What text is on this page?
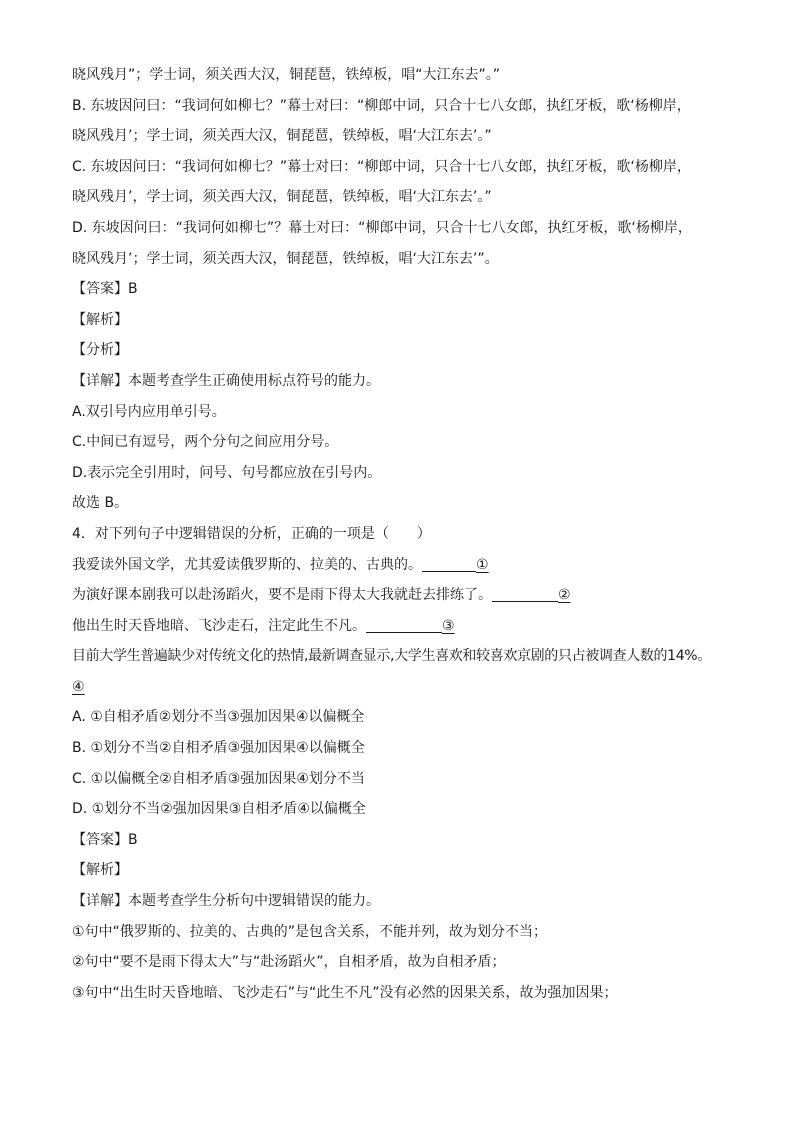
晓风残月”；学士词，须关西大汉，铜琵琶，铁绰板，唱“大江东去”。”
B. 东坡因问曰：“我词何如柳七？”幕士对曰：“柳郎中词，只合十七八女郎，执红牙板，歌‘杨柳岸，
晓风残月’；学士词，须关西大汉，铜琵琶，铁绰板，唱‘大江东去’。”
C. 东坡因问曰：“我词何如柳七？”幕士对曰：“柳郎中词，只合十七八女郎，执红牙板，歌‘杨柳岸，
晓风残月’，学士词，须关西大汉，铜琵琶，铁绰板，唱‘大江东去’。”
D. 东坡因问曰：“我词何如柳七”？幕士对曰：“柳郎中词，只合十七八女郎，执红牙板，歌‘杨柳岸，
晓风残月’；学士词，须关西大汉，铜琵琶，铁绰板，唱‘大江东去’”。
【答案】B
【解析】
【分析】
【详解】本题考查学生正确使用标点符号的能力。
A.双引号内应用单引号。
C.中间已有逗号，两个分句之间应用分号。
D.表示完全引用时，问号、句号都应放在引号内。
故选 B。
4．对下列句子中逻辑错误的分析，正确的一项是（　　）
我爱读外国文学，尤其爱读俄罗斯的、拉美的、古典的。	①
为演好课本剧我可以赴汤蹈火，要不是雨下得太大我就赶去排练了。	②
他出生时天昏地暗、飞沙走石，注定此生不凡。	③
目前大学生普遍缺少对传统文化的热情,最新调查显示,大学生喜欢和较喜欢京剧的只占被调查人数的14%。
④
A. ①自相矛盾②划分不当③强加因果④以偏概全
B. ①划分不当②自相矛盾③强加因果④以偏概全
C. ①以偏概全②自相矛盾③强加因果④划分不当
D. ①划分不当②强加因果③自相矛盾④以偏概全
【答案】B
【解析】
【详解】本题考查学生分析句中逻辑错误的能力。
①句中“俄罗斯的、拉美的、古典的”是包含关系，不能并列，故为划分不当；
②句中“要不是雨下得太大”与“赴汤蹈火”，自相矛盾，故为自相矛盾；
③句中“出生时天昏地暗、飞沙走石”与“此生不凡”没有必然的因果关系，故为强加因果；
